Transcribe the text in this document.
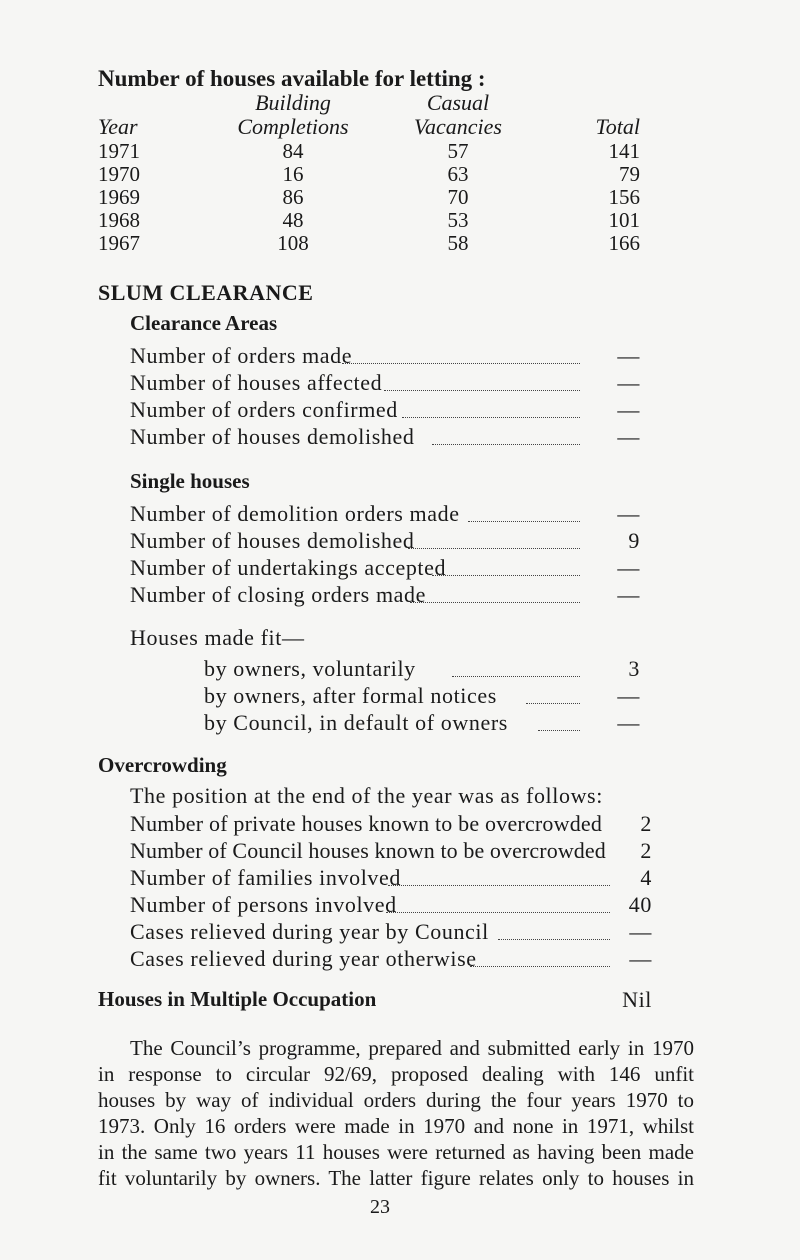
Number of houses available for letting :
Building	Casual
Year	Completions	Vacancies	Total
1971	84	57	141
1970	16	63	79
1969	86	70	156
1968	48	53	101
1967	108	58	166
SLUM CLEARANCE
Clearance Areas
Number of orders made	—
Number of houses affected	—
Number of orders confirmed	—
Number of houses demolished	—
Single houses
Number of demolition orders made	—
Number of houses demolished	9
Number of undertakings accepted	—
Number of closing orders made	—
Houses made fit—
by owners, voluntarily	3
by owners, after formal notices	—
by Council, in default of owners	—
Overcrowding
The position at the end of the year was as follows:
Number of private houses known to be overcrowded	2
Number of Council houses known to be overcrowded	2
Number of families involved	4
Number of persons involved	40
Cases relieved during year by Council	—
Cases relieved during year otherwise	—
Houses in Multiple Occupation	Nil
The Council’s programme, prepared and submitted early in 1970
in response to circular 92/69, proposed dealing with 146 unfit
houses by way of individual orders during the four years 1970 to
1973. Only 16 orders were made in 1970 and none in 1971, whilst
in the same two years 11 houses were returned as having been made
fit voluntarily by owners. The latter figure relates only to houses in
23
